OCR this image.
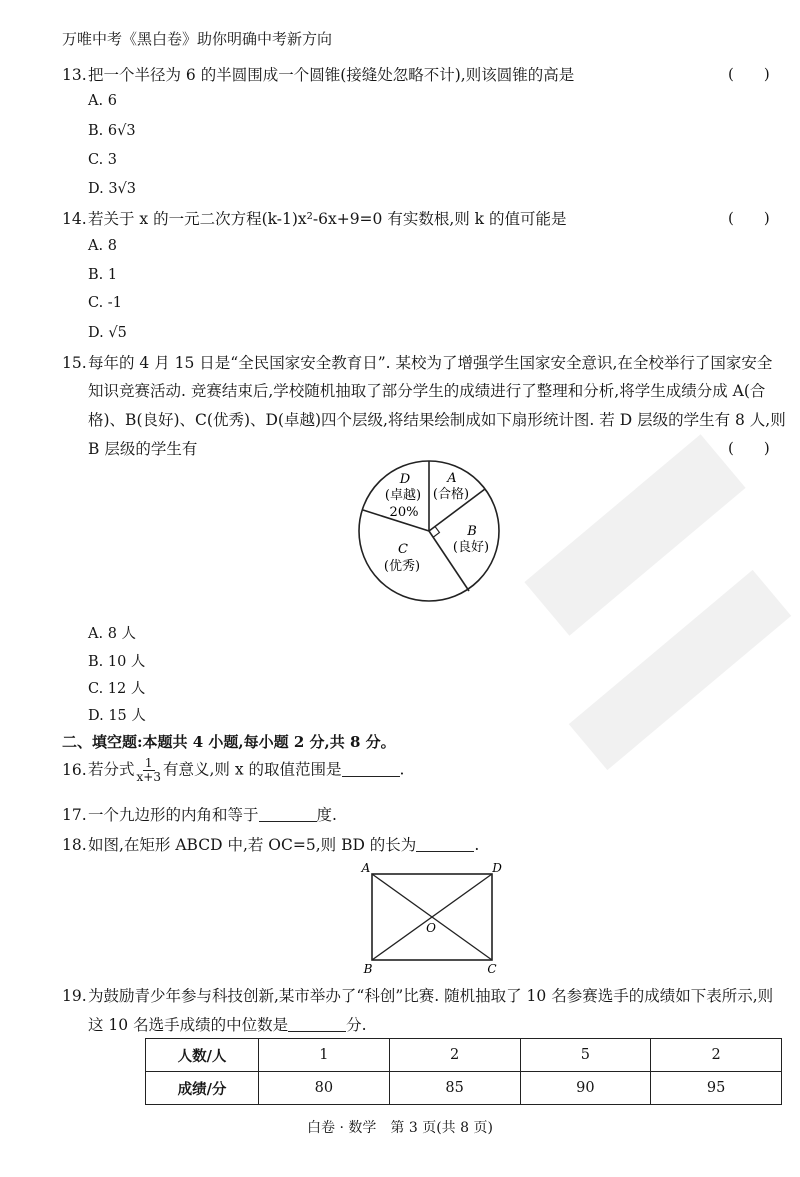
万唯中考《黑白卷》助你明确中考新方向
13.把一个半径为 6 的半圆围成一个圆锥(接缝处忽略不计),则该圆锥的高是	(　　)
A. 6
B. 6√3
C. 3
D. 3√3
14.若关于 x 的一元二次方程(k-1)x²-6x+9=0 有实数根,则 k 的值可能是	(　　)
A. 8
B. 1
C. -1
D. √5
15.每年的 4 月 15 日是“全民国家安全教育日”. 某校为了增强学生国家安全意识,在全校举行了国家安全
知识竞赛活动. 竞赛结束后,学校随机抽取了部分学生的成绩进行了整理和分析,将学生成绩分成 A(合
格)、B(良好)、C(优秀)、D(卓越)四个层级,将结果绘制成如下扇形统计图. 若 D 层级的学生有 8 人,则
B 层级的学生有	(　　)
D
(卓越)
20%
A
(合格)
B
(良好)
C
(优秀)
A. 8 人
B. 10 人
C. 12 人
D. 15 人
二、填空题:本题共 4 小题,每小题 2 分,共 8 分。
16.若分式 $\frac{1}{x+3}$ 有意义,则 x 的取值范围是	.
17.一个九边形的内角和等于	度.
18.如图,在矩形 ABCD 中,若 OC=5,则 BD 的长为	.
A	D
B	C
O
19.为鼓励青少年参与科技创新,某市举办了“科创”比赛. 随机抽取了 10 名参赛选手的成绩如下表所示,则
这 10 名选手成绩的中位数是	分.
人数/人	1	2	5	2
成绩/分	80	85	90	95
白卷 · 数学　第 3 页(共 8 页)
